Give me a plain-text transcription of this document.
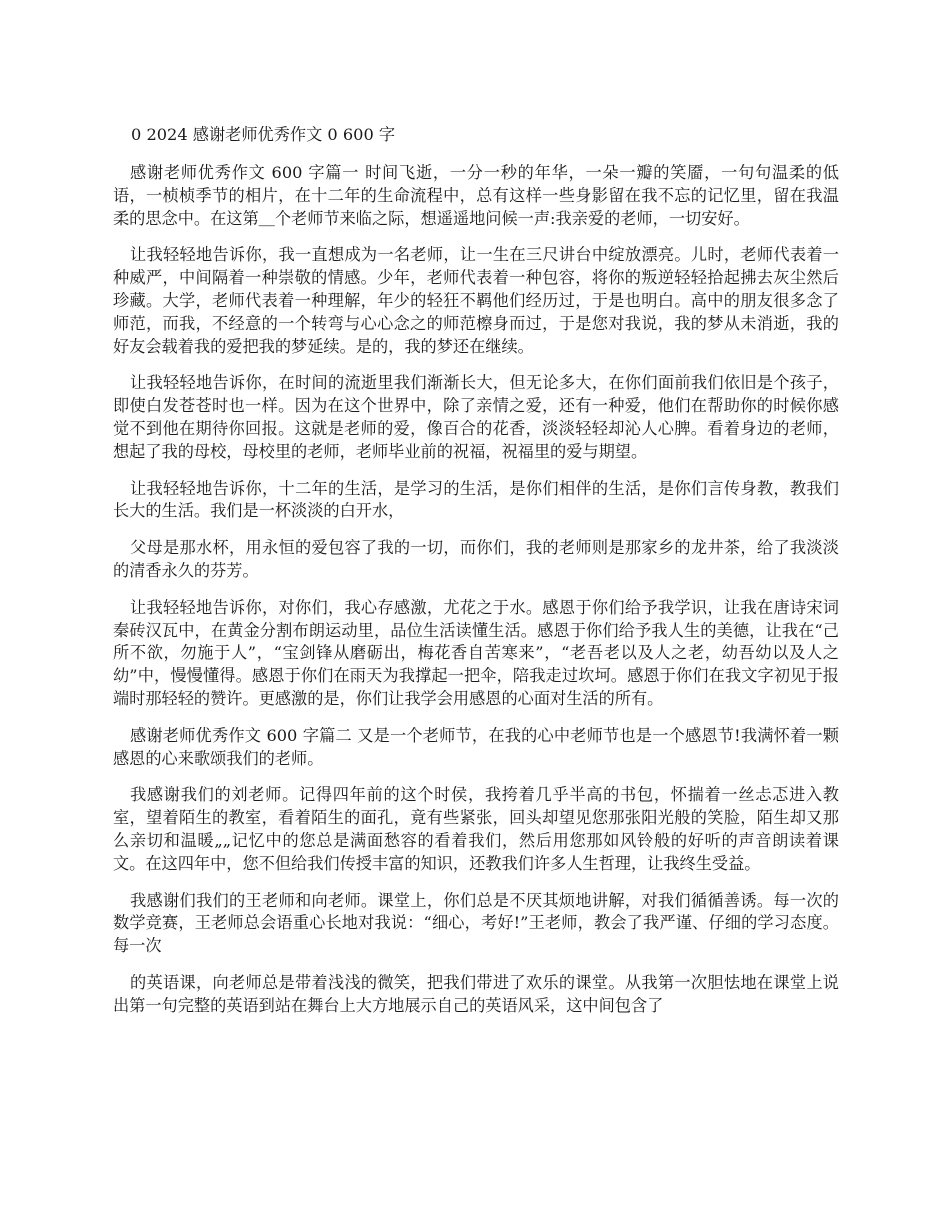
0 2024 感谢老师优秀作文 0 600 字

感谢老师优秀作文 600 字篇一 时间飞逝，一分一秒的年华，一朵一瓣的笑靥，一句句温柔的低语，一桢桢季节的相片，在十二年的生命流程中，总有这样一些身影留在我不忘的记忆里，留在我温柔的思念中。在这第＿个老师节来临之际，想遥遥地问候一声:我亲爱的老师，一切安好。

让我轻轻地告诉你，我一直想成为一名老师，让一生在三尺讲台中绽放漂亮。儿时，老师代表着一种威严，中间隔着一种崇敬的情感。少年，老师代表着一种包容，将你的叛逆轻轻拾起拂去灰尘然后珍藏。大学，老师代表着一种理解，年少的轻狂不羁他们经历过，于是也明白。高中的朋友很多念了师范，而我，不经意的一个转弯与心心念之的师范檫身而过，于是您对我说，我的梦从未消逝，我的好友会载着我的爱把我的梦延续。是的，我的梦还在继续。

让我轻轻地告诉你，在时间的流逝里我们渐渐长大，但无论多大，在你们面前我们依旧是个孩子，即使白发苍苍时也一样。因为在这个世界中，除了亲情之爱，还有一种爱，他们在帮助你的时候你感觉不到他在期待你回报。这就是老师的爱，像百合的花香，淡淡轻轻却沁人心脾。看着身边的老师，想起了我的母校，母校里的老师，老师毕业前的祝福，祝福里的爱与期望。

让我轻轻地告诉你，十二年的生活，是学习的生活，是你们相伴的生活，是你们言传身教，教我们长大的生活。我们是一杯淡淡的白开水，

父母是那水杯，用永恒的爱包容了我的一切，而你们，我的老师则是那家乡的龙井茶，给了我淡淡的清香永久的芬芳。

让我轻轻地告诉你，对你们，我心存感激，尤花之于水。感恩于你们给予我学识，让我在唐诗宋词秦砖汉瓦中，在黄金分割布朗运动里，品位生活读懂生活。感恩于你们给予我人生的美德，让我在“己所不欲，勿施于人”，“宝剑锋从磨砺出，梅花香自苦寒来”，“老吾老以及人之老，幼吾幼以及人之幼”中，慢慢懂得。感恩于你们在雨天为我撑起一把伞，陪我走过坎坷。感恩于你们在我文字初见于报端时那轻轻的赞许。更感激的是，你们让我学会用感恩的心面对生活的所有。

感谢老师优秀作文 600 字篇二 又是一个老师节，在我的心中老师节也是一个感恩节!我满怀着一颗感恩的心来歌颂我们的老师。

我感谢我们的刘老师。记得四年前的这个时侯，我挎着几乎半高的书包，怀揣着一丝忐忑进入教室，望着陌生的教室，看着陌生的面孔，竟有些紧张，回头却望见您那张阳光般的笑脸，陌生却又那么亲切和温暖„„记忆中的您总是满面愁容的看着我们，然后用您那如风铃般的好听的声音朗读着课文。在这四年中，您不但给我们传授丰富的知识，还教我们许多人生哲理，让我终生受益。

我感谢们我们的王老师和向老师。课堂上，你们总是不厌其烦地讲解，对我们循循善诱。每一次的数学竞赛，王老师总会语重心长地对我说：“细心，考好!”王老师，教会了我严谨、仔细的学习态度。每一次

的英语课，向老师总是带着浅浅的微笑，把我们带进了欢乐的课堂。从我第一次胆怯地在课堂上说出第一句完整的英语到站在舞台上大方地展示自己的英语风采，这中间包含了
